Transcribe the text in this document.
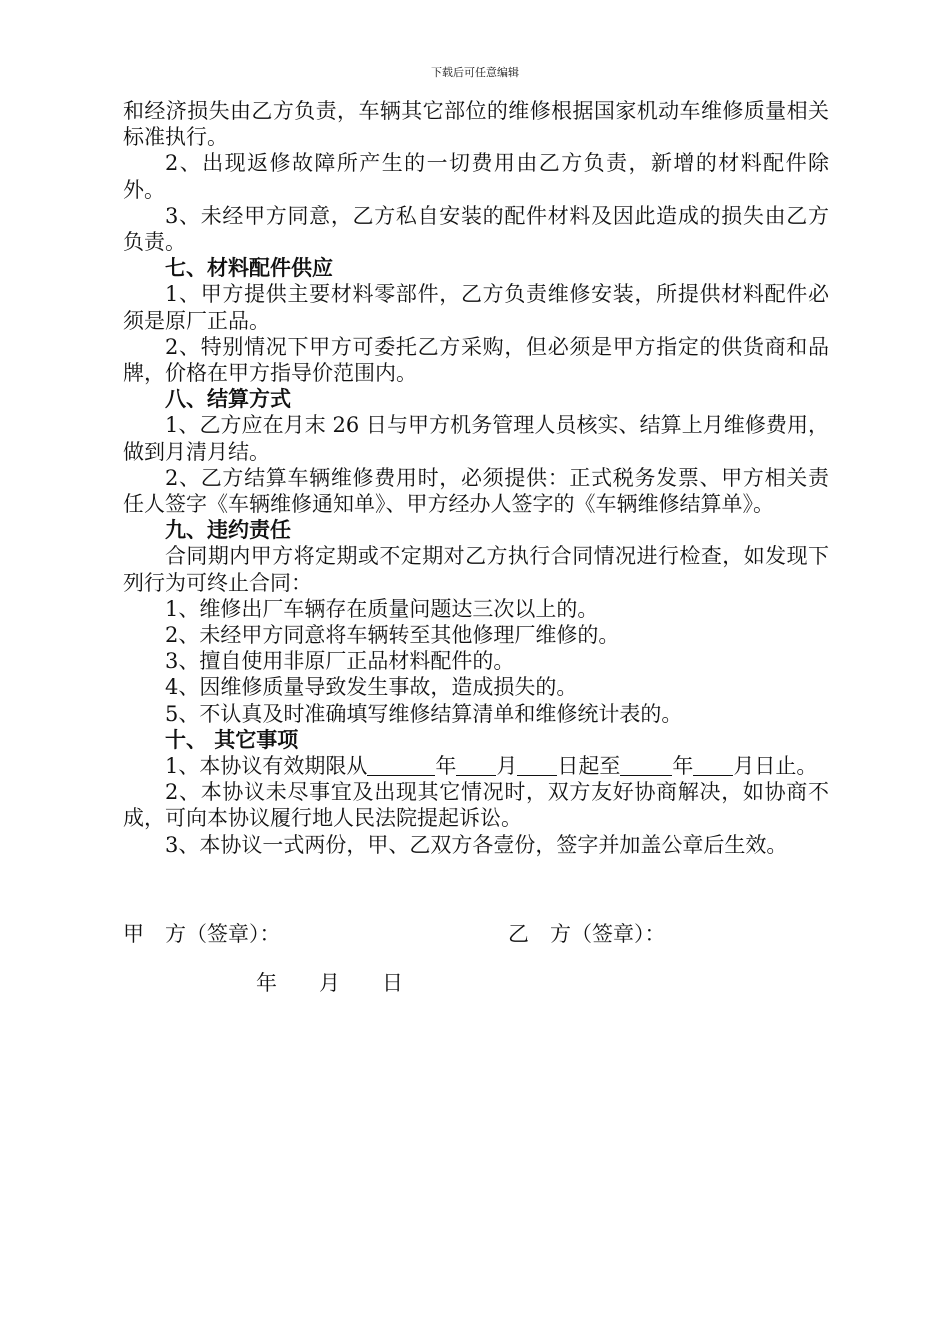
下载后可任意编辑

和经济损失由乙方负责，车辆其它部位的维修根据国家机动车维修质量相关标准执行。

2、出现返修故障所产生的一切费用由乙方负责，新增的材料配件除外。

3、未经甲方同意，乙方私自安装的配件材料及因此造成的损失由乙方负责。

七、材料配件供应

1、甲方提供主要材料零部件，乙方负责维修安装，所提供材料配件必须是原厂正品。

2、特别情况下甲方可委托乙方采购，但必须是甲方指定的供货商和品牌，价格在甲方指导价范围内。

八、结算方式

1、乙方应在月末 26 日与甲方机务管理人员核实、结算上月维修费用，做到月清月结。

2、乙方结算车辆维修费用时，必须提供：正式税务发票、甲方相关责任人签字《车辆维修通知单》、甲方经办人签字的《车辆维修结算单》。

九、违约责任

合同期内甲方将定期或不定期对乙方执行合同情况进行检查，如发现下列行为可终止合同：

1、维修出厂车辆存在质量问题达三次以上的。

2、未经甲方同意将车辆转至其他修理厂维修的。

3、擅自使用非原厂正品材料配件的。

4、因维修质量导致发生事故，造成损失的。

5、不认真及时准确填写维修结算清单和维修统计表的。

十、 其它事项

1、本协议有效期限从	年 月 日起至 年 月日止。

2、本协议未尽事宜及出现其它情况时，双方友好协商解决，如协商不成，可向本协议履行地人民法院提起诉讼。

3、本协议一式两份，甲、乙双方各壹份，签字并加盖公章后生效。

甲　方（签章）：	乙　方（签章）：
年　　月　　日
